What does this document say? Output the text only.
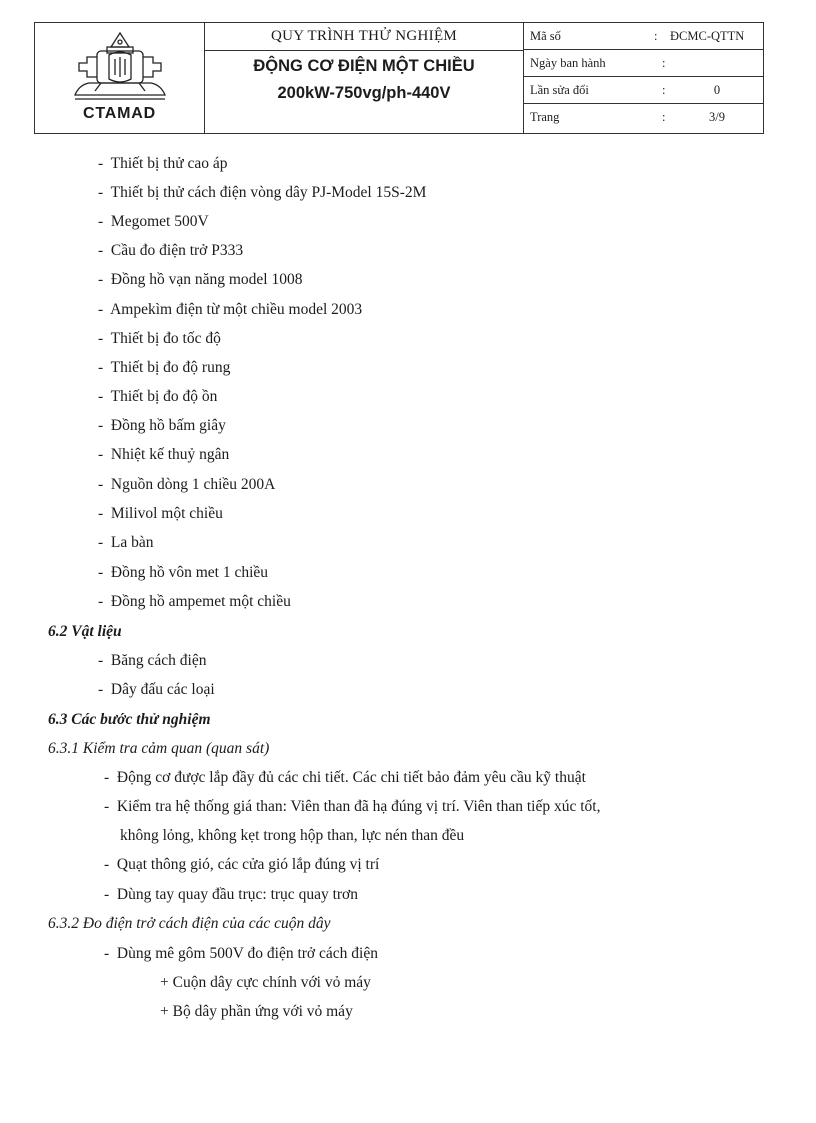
CTAMAD
QUY TRÌNH THỬ NGHIỆM
ĐỘNG CƠ ĐIỆN MỘT CHIỀU
200kW-750vg/ph-440V
Mã số	: ĐCMC-QTTN
Ngày ban hành	:
Lần sửa đổi	:	0
Trang	:	3/9
- Thiết bị thử cao áp
- Thiết bị thử cách điện vòng dây PJ-Model 15S-2M
- Megomet 500V
- Cầu đo điện trở P333
- Đồng hồ vạn năng model 1008
- Ampekìm điện từ một chiều model 2003
- Thiết bị đo tốc độ
- Thiết bị đo độ rung
- Thiết bị đo độ ồn
- Đồng hồ bấm giây
- Nhiệt kế thuỷ ngân
- Nguồn dòng 1 chiều 200A
- Milivol một chiều
- La bàn
- Đồng hồ vôn met 1 chiều
- Đồng hồ ampemet một chiều
6.2 Vật liệu
- Băng cách điện
- Dây đấu các loại
6.3 Các bước thử nghiệm
6.3.1 Kiểm tra cảm quan (quan sát)
- Động cơ được lắp đầy đủ các chi tiết. Các chi tiết bảo đảm yêu cầu kỹ thuật
- Kiểm tra hệ thống giá than: Viên than đã hạ đúng vị trí. Viên than tiếp xúc tốt,
không lỏng, không kẹt trong hộp than, lực nén than đều
- Quạt thông gió, các cửa gió lắp đúng vị trí
- Dùng tay quay đầu trục: trục quay trơn
6.3.2 Đo điện trở cách điện của các cuộn dây
- Dùng mê gôm 500V đo điện trở cách điện
+ Cuộn dây cực chính với vỏ máy
+ Bộ dây phần ứng với vỏ máy
